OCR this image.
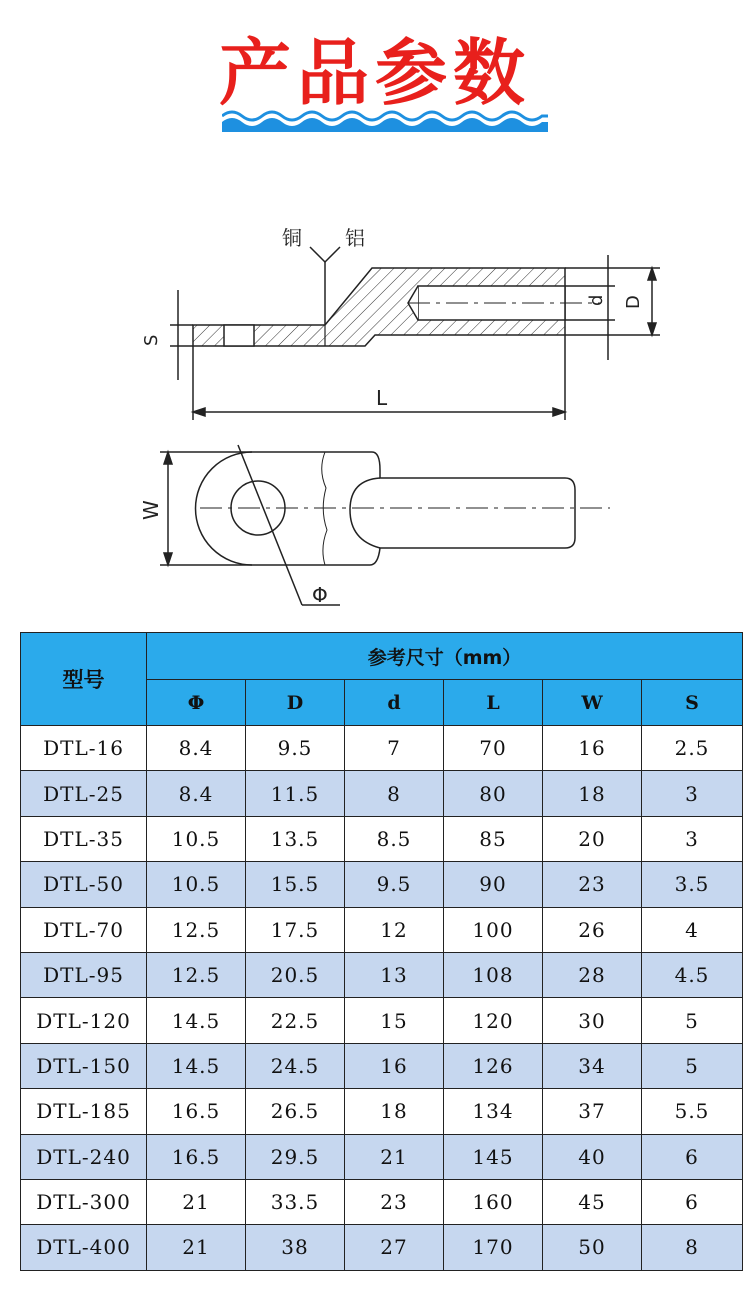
产品参数
铜 铝
S
L
d D
W
Φ
型号	参考尺寸（mm）					
	Φ	D	d	L	W	S
DTL-16	8.4	9.5	7	70	16	2.5
DTL-25	8.4	11.5	8	80	18	3
DTL-35	10.5	13.5	8.5	85	20	3
DTL-50	10.5	15.5	9.5	90	23	3.5
DTL-70	12.5	17.5	12	100	26	4
DTL-95	12.5	20.5	13	108	28	4.5
DTL-120	14.5	22.5	15	120	30	5
DTL-150	14.5	24.5	16	126	34	5
DTL-185	16.5	26.5	18	134	37	5.5
DTL-240	16.5	29.5	21	145	40	6
DTL-300	21	33.5	23	160	45	6
DTL-400	21	38	27	170	50	8
